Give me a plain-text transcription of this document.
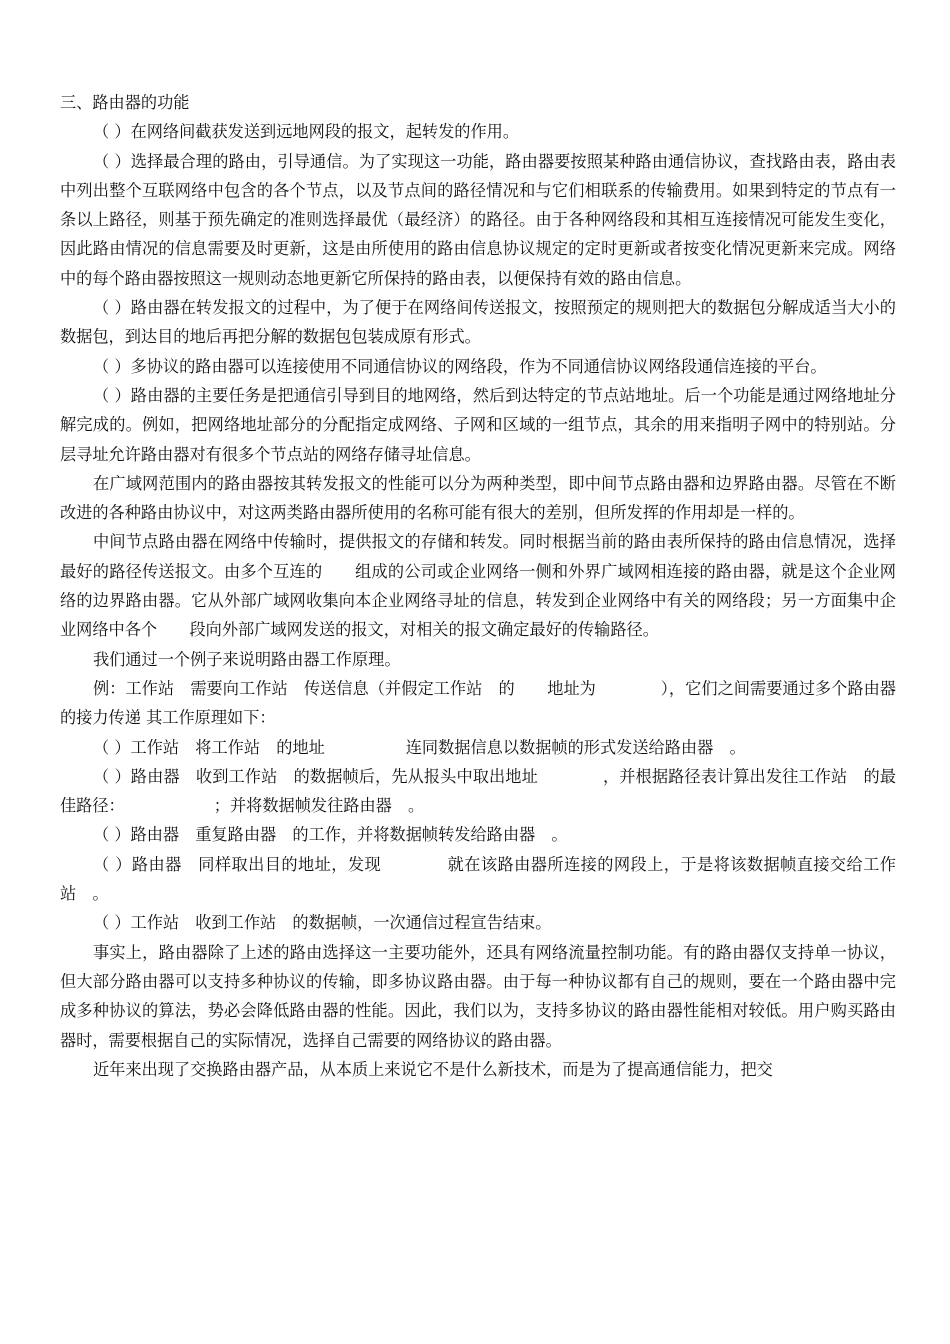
三、路由器的功能

（ ）在网络间截获发送到远地网段的报文，起转发的作用。

（ ）选择最合理的路由，引导通信。为了实现这一功能，路由器要按照某种路由通信协议，查找路由表，路由表中列出整个互联网络中包含的各个节点，以及节点间的路径情况和与它们相联系的传输费用。如果到特定的节点有一条以上路径，则基于预先确定的准则选择最优（最经济）的路径。由于各种网络段和其相互连接情况可能发生变化，因此路由情况的信息需要及时更新，这是由所使用的路由信息协议规定的定时更新或者按变化情况更新来完成。网络中的每个路由器按照这一规则动态地更新它所保持的路由表，以便保持有效的路由信息。

（ ）路由器在转发报文的过程中，为了便于在网络间传送报文，按照预定的规则把大的数据包分解成适当大小的数据包，到达目的地后再把分解的数据包包装成原有形式。

（ ）多协议的路由器可以连接使用不同通信协议的网络段，作为不同通信协议网络段通信连接的平台。

（ ）路由器的主要任务是把通信引导到目的地网络，然后到达特定的节点站地址。后一个功能是通过网络地址分解完成的。例如，把网络地址部分的分配指定成网络、子网和区域的一组节点，其余的用来指明子网中的特别站。分层寻址允许路由器对有很多个节点站的网络存储寻址信息。

在广域网范围内的路由器按其转发报文的性能可以分为两种类型，即中间节点路由器和边界路由器。尽管在不断改进的各种路由协议中，对这两类路由器所使用的名称可能有很大的差别，但所发挥的作用却是一样的。

中间节点路由器在网络中传输时，提供报文的存储和转发。同时根据当前的路由表所保持的路由信息情况，选择最好的路径传送报文。由多个互连的　　组成的公司或企业网络一侧和外界广域网相连接的路由器，就是这个企业网络的边界路由器。它从外部广域网收集向本企业网络寻址的信息，转发到企业网络中有关的网络段；另一方面集中企业网络中各个　　段向外部广域网发送的报文，对相关的报文确定最好的传输路径。

我们通过一个例子来说明路由器工作原理。

例：工作站　需要向工作站　传送信息（并假定工作站　的　　地址为　　　　），它们之间需要通过多个路由器的接力传递 其工作原理如下：

（ ）工作站　将工作站　的地址　　　　　连同数据信息以数据帧的形式发送给路由器　。

（ ）路由器　收到工作站　的数据帧后，先从报头中取出地址　　　　，并根据路径表计算出发往工作站　的最佳路径：　　　　　　；并将数据帧发往路由器　。

（ ）路由器　重复路由器　的工作，并将数据帧转发给路由器　。

（ ）路由器　同样取出目的地址，发现　　　　就在该路由器所连接的网段上，于是将该数据帧直接交给工作站　。

（ ）工作站　收到工作站　的数据帧，一次通信过程宣告结束。

事实上，路由器除了上述的路由选择这一主要功能外，还具有网络流量控制功能。有的路由器仅支持单一协议，但大部分路由器可以支持多种协议的传输，即多协议路由器。由于每一种协议都有自己的规则，要在一个路由器中完成多种协议的算法，势必会降低路由器的性能。因此，我们以为，支持多协议的路由器性能相对较低。用户购买路由器时，需要根据自己的实际情况，选择自己需要的网络协议的路由器。

近年来出现了交换路由器产品，从本质上来说它不是什么新技术，而是为了提高通信能力，把交
